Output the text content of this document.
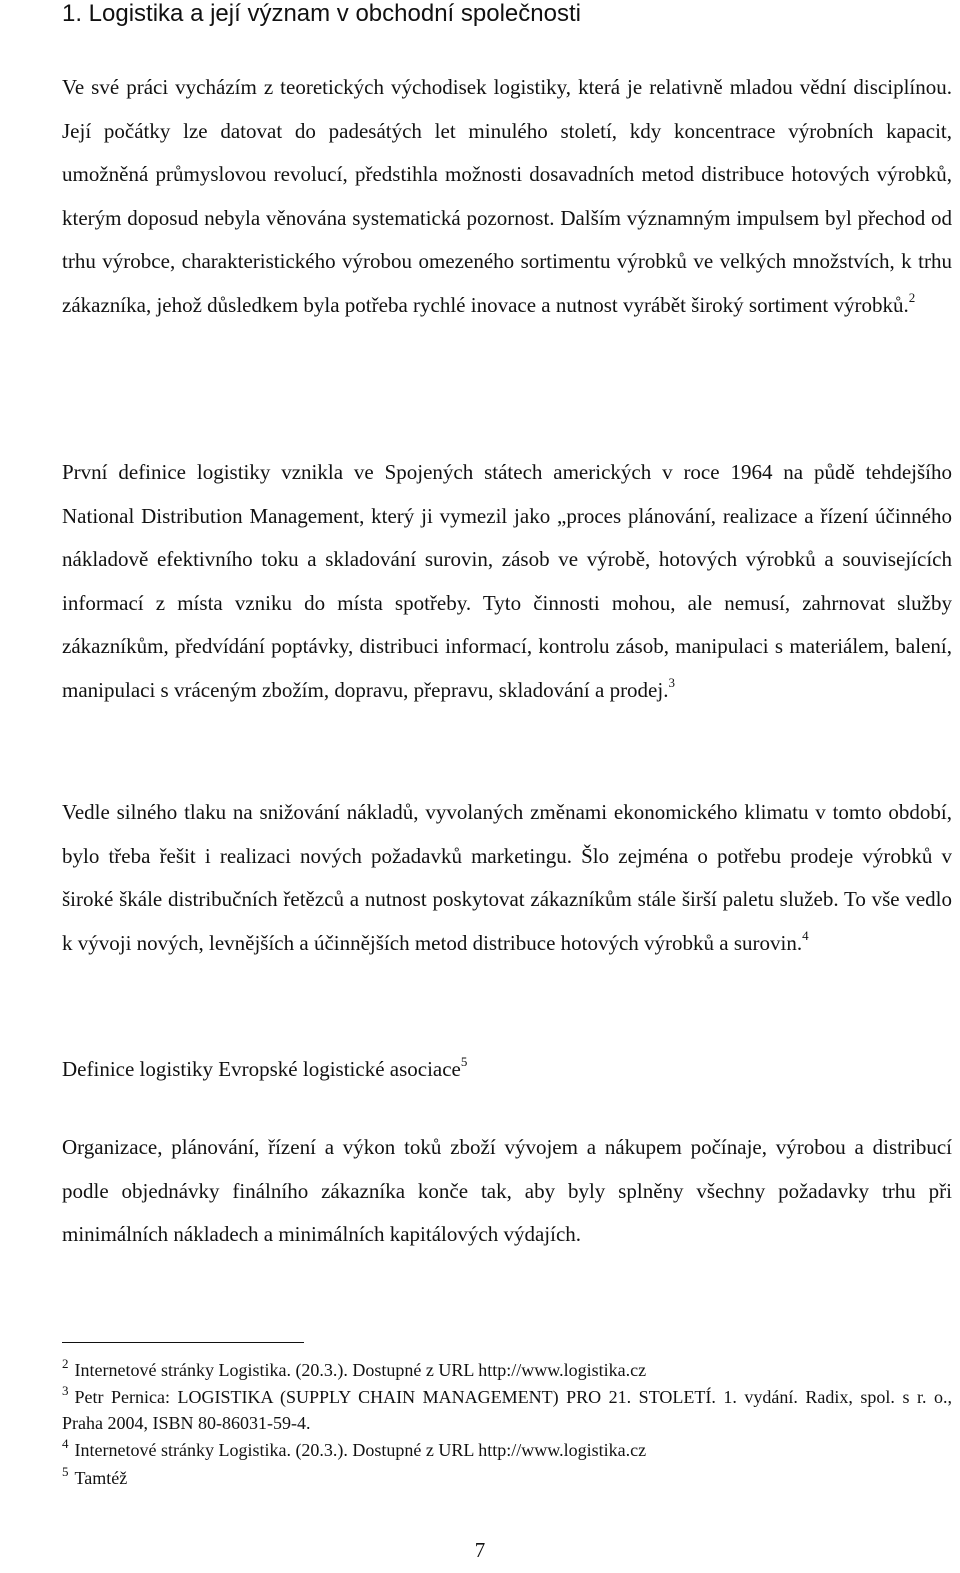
1. Logistika a její význam v obchodní společnosti

Ve své práci vycházím z teoretických východisek logistiky, která je relativně mladou vědní disciplínou. Její počátky lze datovat do padesátých let minulého století, kdy koncentrace výrobních kapacit, umožněná průmyslovou revolucí, předstihla možnosti dosavadních metod distribuce hotových výrobků, kterým doposud nebyla věnována systematická pozornost. Dalším významným impulsem byl přechod od trhu výrobce, charakteristického výrobou omezeného sortimentu výrobků ve velkých množstvích, k trhu zákazníka, jehož důsledkem byla potřeba rychlé inovace a nutnost vyrábět široký sortiment výrobků.$^2$

První definice logistiky vznikla ve Spojených státech amerických v roce 1964 na půdě tehdejšího National Distribution Management, který ji vymezil jako „proces plánování, realizace a řízení účinného nákladově efektivního toku a skladování surovin, zásob ve výrobě, hotových výrobků a souvisejících informací z místa vzniku do místa spotřeby. Tyto činnosti mohou, ale nemusí, zahrnovat služby zákazníkům, předvídání poptávky, distribuci informací, kontrolu zásob, manipulaci s materiálem, balení, manipulaci s vráceným zbožím, dopravu, přepravu, skladování a prodej.$^3$

Vedle silného tlaku na snižování nákladů, vyvolaných změnami ekonomického klimatu v tomto období, bylo třeba řešit i realizaci nových požadavků marketingu. Šlo zejména o potřebu prodeje výrobků v široké škále distribučních řetězců a nutnost poskytovat zákazníkům stále širší paletu služeb. To vše vedlo k vývoji nových, levnějších a účinnějších metod distribuce hotových výrobků a surovin.$^4$

Definice logistiky Evropské logistické asociace$^5$

Organizace, plánování, řízení a výkon toků zboží vývojem a nákupem počínaje, výrobou a distribucí podle objednávky finálního zákazníka konče tak, aby byly splněny všechny požadavky trhu při minimálních nákladech a minimálních kapitálových výdajích.

$^2$ Internetové stránky Logistika. (20.3.). Dostupné z URL http://www.logistika.cz

$^3$ Petr Pernica: LOGISTIKA (SUPPLY CHAIN MANAGEMENT) PRO 21. STOLETÍ. 1. vydání. Radix, spol. s r. o., Praha 2004, ISBN 80-86031-59-4.

$^4$ Internetové stránky Logistika. (20.3.). Dostupné z URL http://www.logistika.cz

$^5$ Tamtéž

7
